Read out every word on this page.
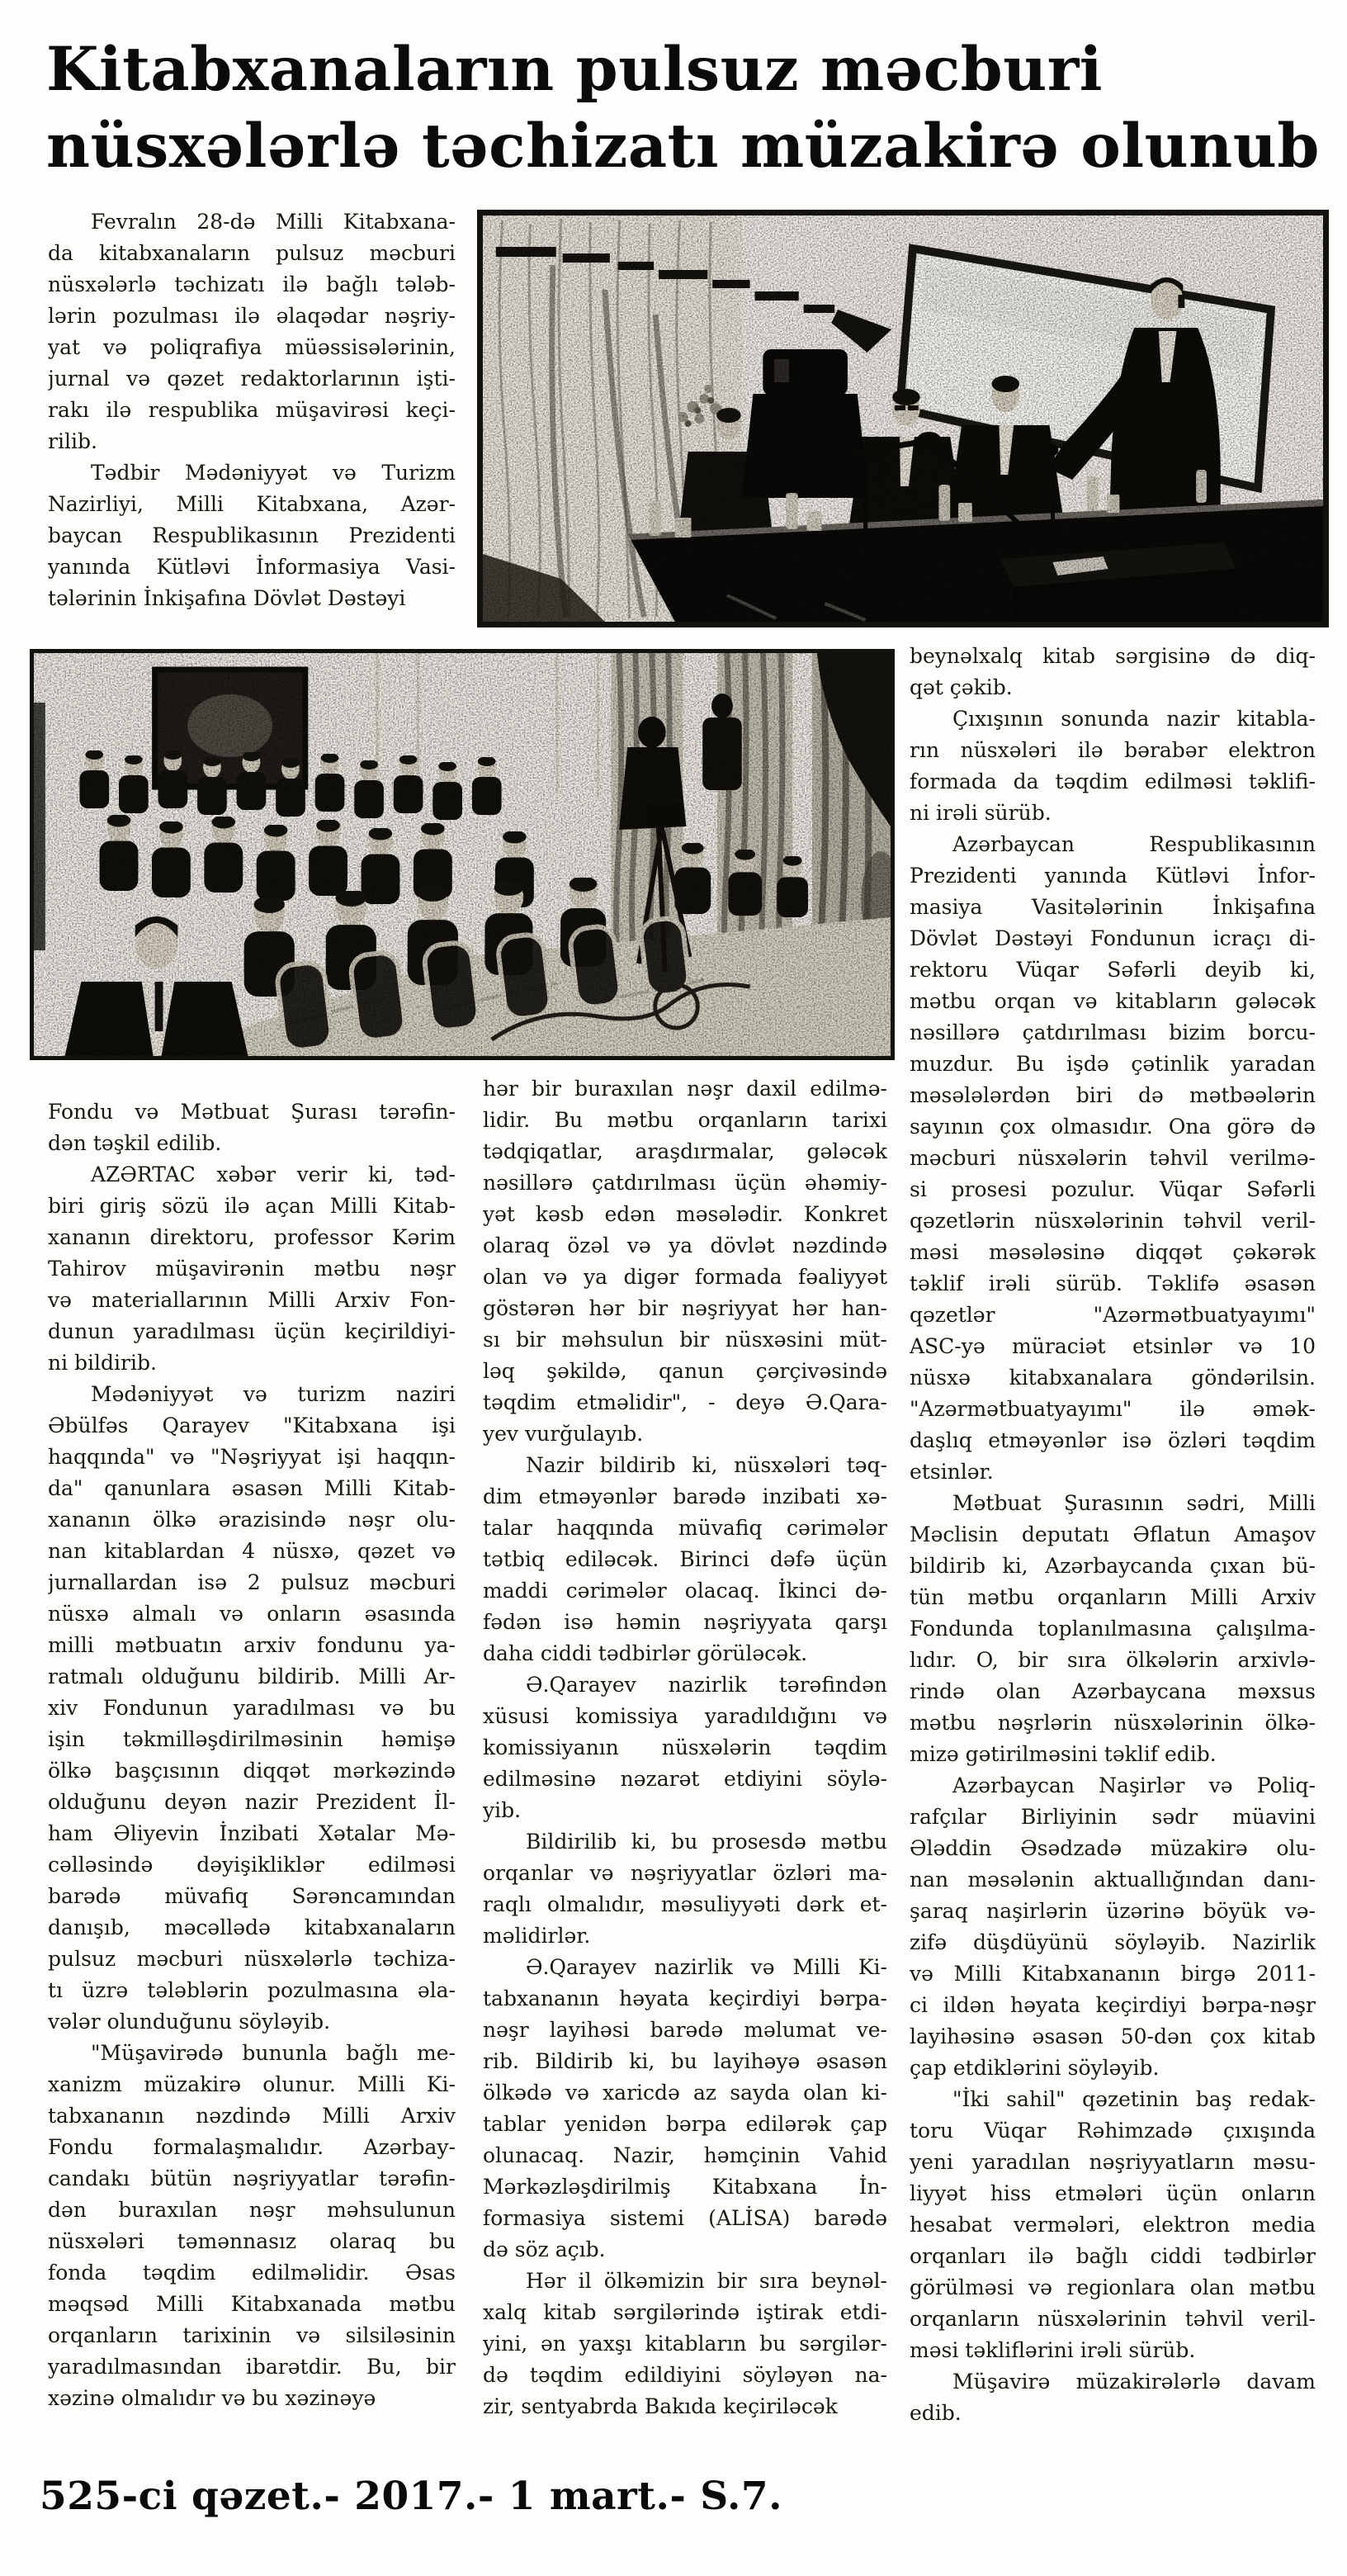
Kitabxanaların pulsuz məcburi
nüsxələrlə təchizatı müzakirə olunub

Fevralın 28-də Milli Kitabxana-
da kitabxanaların pulsuz məcburi
nüsxələrlə təchizatı ilə bağlı tələb-
lərin pozulması ilə əlaqədar nəşriy-
yat və poliqrafiya müəssisələrinin,
jurnal və qəzet redaktorlarının işti-
rakı ilə respublika müşavirəsi keçi-
rilib.

Tədbir Mədəniyyət və Turizm
Nazirliyi, Milli Kitabxana, Azər-
baycan Respublikasının Prezidenti
yanında Kütləvi İnformasiya Vasi-
tələrinin İnkişafına Dövlət Dəstəyi

Fondu və Mətbuat Şurası tərəfin-
dən təşkil edilib.

AZƏRTAC xəbər verir ki, təd-
biri giriş sözü ilə açan Milli Kitab-
xananın direktoru, professor Kərim
Tahirov müşavirənin mətbu nəşr
və materiallarının Milli Arxiv Fon-
dunun yaradılması üçün keçirildiyi-
ni bildirib.

Mədəniyyət və turizm naziri
Əbülfəs Qarayev "Kitabxana işi
haqqında" və "Nəşriyyat işi haqqın-
da" qanunlara əsasən Milli Kitab-
xananın ölkə ərazisində nəşr olu-
nan kitablardan 4 nüsxə, qəzet və
jurnallardan isə 2 pulsuz məcburi
nüsxə almalı və onların əsasında
milli mətbuatın arxiv fondunu ya-
ratmalı olduğunu bildirib. Milli Ar-
xiv Fondunun yaradılması və bu
işin təkmilləşdirilməsinin həmişə
ölkə başçısının diqqət mərkəzində
olduğunu deyən nazir Prezident İl-
ham Əliyevin İnzibati Xətalar Mə-
cəlləsində dəyişikliklər edilməsi
barədə müvafiq Sərəncamından
danışıb, məcəllədə kitabxanaların
pulsuz məcburi nüsxələrlə təchiza-
tı üzrə tələblərin pozulmasına əla-
vələr olunduğunu söyləyib.

"Müşavirədə bununla bağlı me-
xanizm müzakirə olunur. Milli Ki-
tabxananın nəzdində Milli Arxiv
Fondu formalaşmalıdır. Azərbay-
candakı bütün nəşriyyatlar tərəfin-
dən buraxılan nəşr məhsulunun
nüsxələri təmənnasız olaraq bu
fonda təqdim edilməlidir. Əsas
məqsəd Milli Kitabxanada mətbu
orqanların tarixinin və silsiləsinin
yaradılmasından ibarətdir. Bu, bir
xəzinə olmalıdır və bu xəzinəyə

hər bir buraxılan nəşr daxil edilmə-
lidir. Bu mətbu orqanların tarixi
tədqiqatlar, araşdırmalar, gələcək
nəsillərə çatdırılması üçün əhəmiy-
yət kəsb edən məsələdir. Konkret
olaraq özəl və ya dövlət nəzdində
olan və ya digər formada fəaliyyət
göstərən hər bir nəşriyyat hər han-
sı bir məhsulun bir nüsxəsini müt-
ləq şəkildə, qanun çərçivəsində
təqdim etməlidir", - deyə Ə.Qara-
yev vurğulayıb.

Nazir bildirib ki, nüsxələri təq-
dim etməyənlər barədə inzibati xə-
talar haqqında müvafiq cərimələr
tətbiq ediləcək. Birinci dəfə üçün
maddi cərimələr olacaq. İkinci də-
fədən isə həmin nəşriyyata qarşı
daha ciddi tədbirlər görüləcək.

Ə.Qarayev nazirlik tərəfindən
xüsusi komissiya yaradıldığını və
komissiyanın nüsxələrin təqdim
edilməsinə nəzarət etdiyini söylə-
yib.

Bildirilib ki, bu prosesdə mətbu
orqanlar və nəşriyyatlar özləri ma-
raqlı olmalıdır, məsuliyyəti dərk et-
məlidirlər.

Ə.Qarayev nazirlik və Milli Ki-
tabxananın həyata keçirdiyi bərpa-
nəşr layihəsi barədə məlumat ve-
rib. Bildirib ki, bu layihəyə əsasən
ölkədə və xaricdə az sayda olan ki-
tablar yenidən bərpa edilərək çap
olunacaq. Nazir, həmçinin Vahid
Mərkəzləşdirilmiş Kitabxana İn-
formasiya sistemi (ALİSA) barədə
də söz açıb.

Hər il ölkəmizin bir sıra beynəl-
xalq kitab sərgilərində iştirak etdi-
yini, ən yaxşı kitabların bu sərgilər-
də təqdim edildiyini söyləyən na-
zir, sentyabrda Bakıda keçiriləcək

beynəlxalq kitab sərgisinə də diq-
qət çəkib.

Çıxışının sonunda nazir kitabla-
rın nüsxələri ilə bərabər elektron
formada da təqdim edilməsi təklifi-
ni irəli sürüb.

Azərbaycan Respublikasının
Prezidenti yanında Kütləvi İnfor-
masiya Vasitələrinin İnkişafına
Dövlət Dəstəyi Fondunun icraçı di-
rektoru Vüqar Səfərli deyib ki,
mətbu orqan və kitabların gələcək
nəsillərə çatdırılması bizim borcu-
muzdur. Bu işdə çətinlik yaradan
məsələlərdən biri də mətbəələrin
sayının çox olmasıdır. Ona görə də
məcburi nüsxələrin təhvil verilmə-
si prosesi pozulur. Vüqar Səfərli
qəzetlərin nüsxələrinin təhvil veril-
məsi məsələsinə diqqət çəkərək
təklif irəli sürüb. Təklifə əsasən
qəzetlər "Azərmətbuatyayımı"
ASC-yə müraciət etsinlər və 10
nüsxə kitabxanalara göndərilsin.
"Azərmətbuatyayımı" ilə əmək-
daşlıq etməyənlər isə özləri təqdim
etsinlər.

Mətbuat Şurasının sədri, Milli
Məclisin deputatı Əflatun Amaşov
bildirib ki, Azərbaycanda çıxan bü-
tün mətbu orqanların Milli Arxiv
Fondunda toplanılmasına çalışılma-
lıdır. O, bir sıra ölkələrin arxivlə-
rində olan Azərbaycana məxsus
mətbu nəşrlərin nüsxələrinin ölkə-
mizə gətirilməsini təklif edib.

Azərbaycan Naşirlər və Poliq-
rafçılar Birliyinin sədr müavini
Ələddin Əsədzadə müzakirə olu-
nan məsələnin aktuallığından danı-
şaraq naşirlərin üzərinə böyük və-
zifə düşdüyünü söyləyib. Nazirlik
və Milli Kitabxananın birgə 2011-
ci ildən həyata keçirdiyi bərpa-nəşr
layihəsinə əsasən 50-dən çox kitab
çap etdiklərini söyləyib.

"İki sahil" qəzetinin baş redak-
toru Vüqar Rəhimzadə çıxışında
yeni yaradılan nəşriyyatların məsu-
liyyət hiss etmələri üçün onların
hesabat vermələri, elektron media
orqanları ilə bağlı ciddi tədbirlər
görülməsi və regionlara olan mətbu
orqanların nüsxələrinin təhvil veril-
məsi təkliflərini irəli sürüb.

Müşavirə müzakirələrlə davam
edib.

525-ci qəzet.- 2017.- 1 mart.- S.7.
